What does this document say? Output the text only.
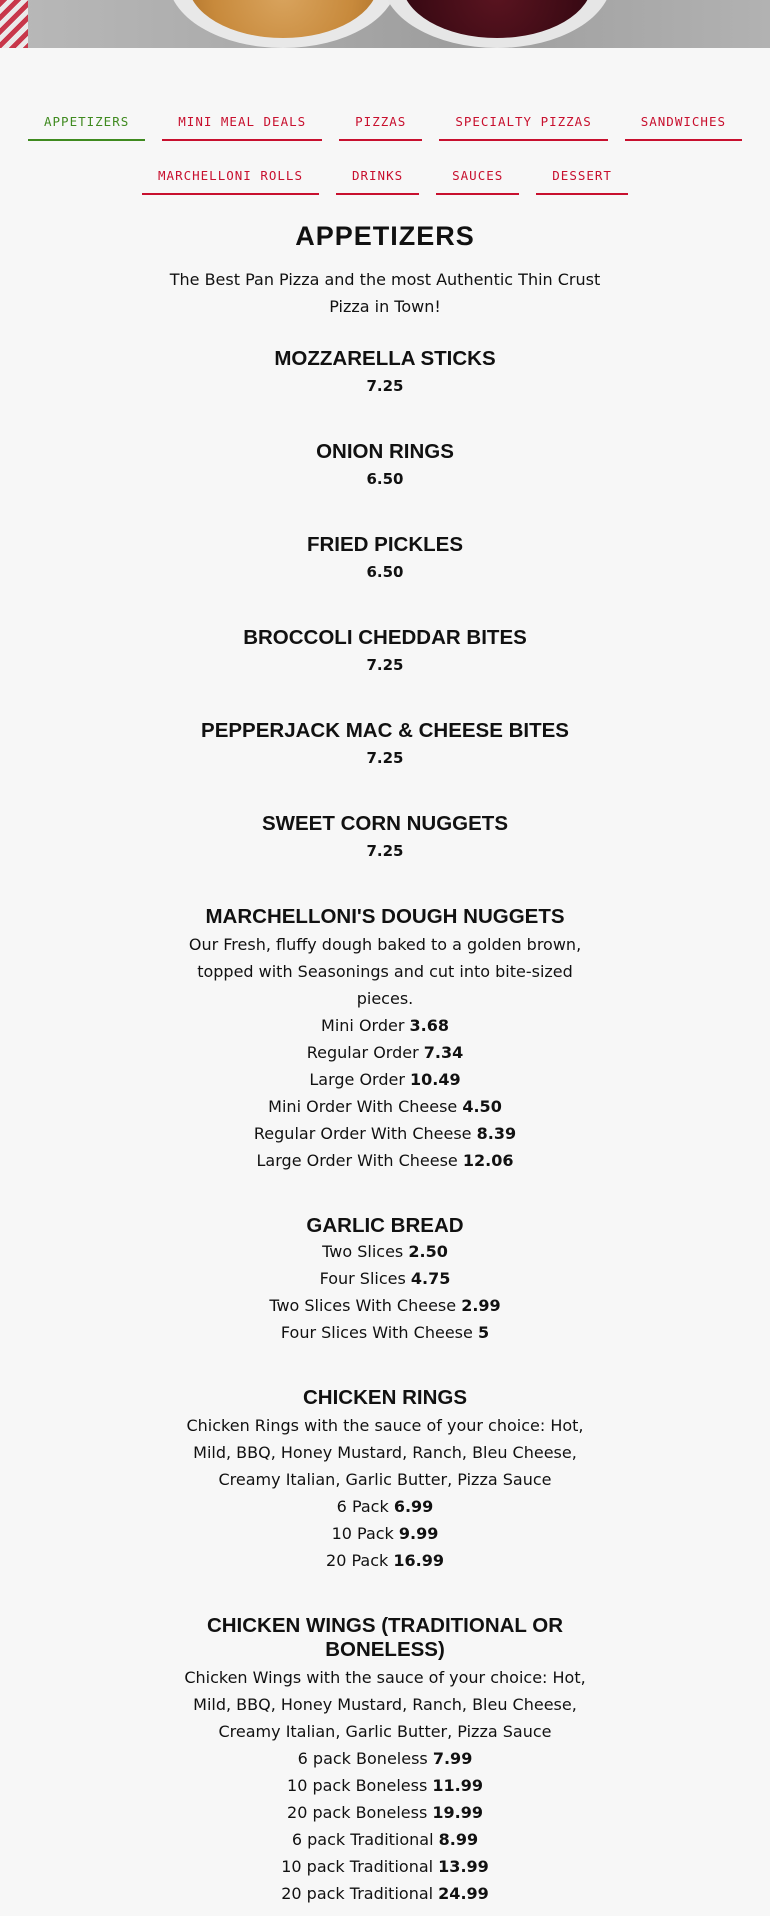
APPETIZERS	MINI MEAL DEALS	PIZZAS	SPECIALTY PIZZAS	SANDWICHES
MARCHELLONI ROLLS	DRINKS	SAUCES	DESSERT
APPETIZERS

The Best Pan Pizza and the most Authentic Thin Crust Pizza in Town!

MOZZARELLA STICKS
7.25
ONION RINGS
6.50
FRIED PICKLES
6.50
BROCCOLI CHEDDAR BITES
7.25
PEPPERJACK MAC & CHEESE BITES
7.25
SWEET CORN NUGGETS
7.25
MARCHELLONI'S DOUGH NUGGETS
Our Fresh, fluffy dough baked to a golden brown, topped with Seasonings and cut into bite-sized pieces.
Mini Order 3.68
Regular Order 7.34
Large Order 10.49
Mini Order With Cheese 4.50
Regular Order With Cheese 8.39
Large Order With Cheese 12.06
GARLIC BREAD
Two Slices 2.50
Four Slices 4.75
Two Slices With Cheese 2.99
Four Slices With Cheese 5
CHICKEN RINGS
Chicken Rings with the sauce of your choice: Hot, Mild, BBQ, Honey Mustard, Ranch, Bleu Cheese, Creamy Italian, Garlic Butter, Pizza Sauce
6 Pack 6.99
10 Pack 9.99
20 Pack 16.99
CHICKEN WINGS (TRADITIONAL OR BONELESS)
Chicken Wings with the sauce of your choice: Hot, Mild, BBQ, Honey Mustard, Ranch, Bleu Cheese, Creamy Italian, Garlic Butter, Pizza Sauce
6 pack Boneless 7.99
10 pack Boneless 11.99
20 pack Boneless 19.99
6 pack Traditional 8.99
10 pack Traditional 13.99
20 pack Traditional 24.99
